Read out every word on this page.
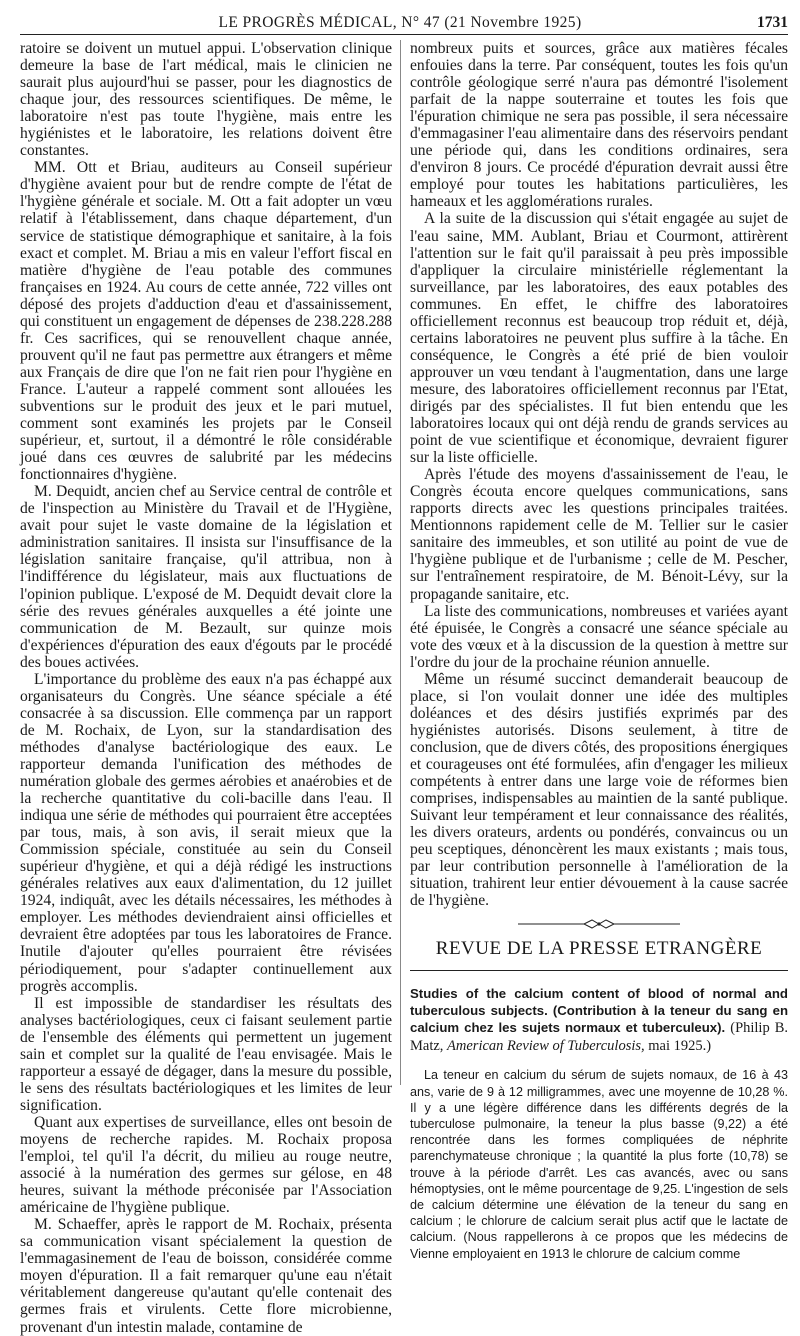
LE PROGRÈS MÉDICAL, N° 47 (21 Novembre 1925)	1731

ratoire se doivent un mutuel appui. L'observation clinique demeure la base de l'art médical, mais le clinicien ne saurait plus aujourd'hui se passer, pour les diagnostics de chaque jour, des ressources scientifiques. De même, le laboratoire n'est pas toute l'hygiène, mais entre les hygiénistes et le laboratoire, les relations doivent être constantes.

MM. Ott et Briau, auditeurs au Conseil supérieur d'hygiène avaient pour but de rendre compte de l'état de l'hygiène générale et sociale. M. Ott a fait adopter un vœu relatif à l'établissement, dans chaque département, d'un service de statistique démographique et sanitaire, à la fois exact et complet. M. Briau a mis en valeur l'effort fiscal en matière d'hygiène de l'eau potable des communes françaises en 1924. Au cours de cette année, 722 villes ont déposé des projets d'adduction d'eau et d'assainissement, qui constituent un engagement de dépenses de 238.228.288 fr. Ces sacrifices, qui se renouvellent chaque année, prouvent qu'il ne faut pas permettre aux étrangers et même aux Français de dire que l'on ne fait rien pour l'hygiène en France. L'auteur a rappelé comment sont allouées les subventions sur le produit des jeux et le pari mutuel, comment sont examinés les projets par le Conseil supérieur, et, surtout, il a démontré le rôle considérable joué dans ces œuvres de salubrité par les médecins fonctionnaires d'hygiène.

M. Dequidt, ancien chef au Service central de contrôle et de l'inspection au Ministère du Travail et de l'Hygiène, avait pour sujet le vaste domaine de la législation et administration sanitaires. Il insista sur l'insuffisance de la législation sanitaire française, qu'il attribua, non à l'indifférence du législateur, mais aux fluctuations de l'opinion publique. L'exposé de M. Dequidt devait clore la série des revues générales auxquelles a été jointe une communication de M. Bezault, sur quinze mois d'expériences d'épuration des eaux d'égouts par le procédé des boues activées.

L'importance du problème des eaux n'a pas échappé aux organisateurs du Congrès. Une séance spéciale a été consacrée à sa discussion. Elle commença par un rapport de M. Rochaix, de Lyon, sur la standardisation des méthodes d'analyse bactériologique des eaux. Le rapporteur demanda l'unification des méthodes de numération globale des germes aérobies et anaérobies et de la recherche quantitative du coli-bacille dans l'eau. Il indiqua une série de méthodes qui pourraient être acceptées par tous, mais, à son avis, il serait mieux que la Commission spéciale, constituée au sein du Conseil supérieur d'hygiène, et qui a déjà rédigé les instructions générales relatives aux eaux d'alimentation, du 12 juillet 1924, indiquât, avec les détails nécessaires, les méthodes à employer. Les méthodes deviendraient ainsi officielles et devraient être adoptées par tous les laboratoires de France. Inutile d'ajouter qu'elles pourraient être révisées périodiquement, pour s'adapter continuellement aux progrès accomplis.

Il est impossible de standardiser les résultats des analyses bactériologiques, ceux ci faisant seulement partie de l'ensemble des éléments qui permettent un jugement sain et complet sur la qualité de l'eau envisagée. Mais le rapporteur a essayé de dégager, dans la mesure du possible, le sens des résultats bactériologiques et les limites de leur signification.

Quant aux expertises de surveillance, elles ont besoin de moyens de recherche rapides. M. Rochaix proposa l'emploi, tel qu'il l'a décrit, du milieu au rouge neutre, associé à la numération des germes sur gélose, en 48 heures, suivant la méthode préconisée par l'Association américaine de l'hygiène publique.

M. Schaeffer, après le rapport de M. Rochaix, présenta sa communication visant spécialement la question de l'emmagasinement de l'eau de boisson, considérée comme moyen d'épuration. Il a fait remarquer qu'une eau n'était véritablement dangereuse qu'autant qu'elle contenait des germes frais et virulents. Cette flore microbienne, provenant d'un intestin malade, contamine de

nombreux puits et sources, grâce aux matières fécales enfouies dans la terre. Par conséquent, toutes les fois qu'un contrôle géologique serré n'aura pas démontré l'isolement parfait de la nappe souterraine et toutes les fois que l'épuration chimique ne sera pas possible, il sera nécessaire d'emmagasiner l'eau alimentaire dans des réservoirs pendant une période qui, dans les conditions ordinaires, sera d'environ 8 jours. Ce procédé d'épuration devrait aussi être employé pour toutes les habitations particulières, les hameaux et les agglomérations rurales.

A la suite de la discussion qui s'était engagée au sujet de l'eau saine, MM. Aublant, Briau et Courmont, attirèrent l'attention sur le fait qu'il paraissait à peu près impossible d'appliquer la circulaire ministérielle réglementant la surveillance, par les laboratoires, des eaux potables des communes. En effet, le chiffre des laboratoires officiellement reconnus est beaucoup trop réduit et, déjà, certains laboratoires ne peuvent plus suffire à la tâche. En conséquence, le Congrès a été prié de bien vouloir approuver un vœu tendant à l'augmentation, dans une large mesure, des laboratoires officiellement reconnus par l'Etat, dirigés par des spécialistes. Il fut bien entendu que les laboratoires locaux qui ont déjà rendu de grands services au point de vue scientifique et économique, devraient figurer sur la liste officielle.

Après l'étude des moyens d'assainissement de l'eau, le Congrès écouta encore quelques communications, sans rapports directs avec les questions principales traitées. Mentionnons rapidement celle de M. Tellier sur le casier sanitaire des immeubles, et son utilité au point de vue de l'hygiène publique et de l'urbanisme ; celle de M. Pescher, sur l'entraînement respiratoire, de M. Bénoit-Lévy, sur la propagande sanitaire, etc.

La liste des communications, nombreuses et variées ayant été épuisée, le Congrès a consacré une séance spéciale au vote des vœux et à la discussion de la question à mettre sur l'ordre du jour de la prochaine réunion annuelle.

Même un résumé succinct demanderait beaucoup de place, si l'on voulait donner une idée des multiples doléances et des désirs justifiés exprimés par des hygiénistes autorisés. Disons seulement, à titre de conclusion, que de divers côtés, des propositions énergiques et courageuses ont été formulées, afin d'engager les milieux compétents à entrer dans une large voie de réformes bien comprises, indispensables au maintien de la santé publique. Suivant leur tempérament et leur connaissance des réalités, les divers orateurs, ardents ou pondérés, convaincus ou un peu sceptiques, dénoncèrent les maux existants ; mais tous, par leur contribution personnelle à l'amélioration de la situation, trahirent leur entier dévouement à la cause sacrée de l'hygiène.

REVUE DE LA PRESSE ETRANGÈRE
Studies of the calcium content of blood of normal and tuberculous subjects. (Contribution à la teneur du sang en calcium chez les sujets normaux et tuberculeux). (Philip B. Matz, American Review of Tuberculosis, mai 1925.)

La teneur en calcium du sérum de sujets nomaux, de 16 à 43 ans, varie de 9 à 12 milligrammes, avec une moyenne de 10,28 %. Il y a une légère différence dans les différents degrés de la tuberculose pulmonaire, la teneur la plus basse (9,22) a été rencontrée dans les formes compliquées de néphrite parenchymateuse chronique ; la quantité la plus forte (10,78) se trouve à la période d'arrêt. Les cas avancés, avec ou sans hémoptysies, ont le même pourcentage de 9,25. L'ingestion de sels de calcium détermine une élévation de la teneur du sang en calcium ; le chlorure de calcium serait plus actif que le lactate de calcium. (Nous rappellerons à ce propos que les médecins de Vienne employaient en 1913 le chlorure de calcium comme
